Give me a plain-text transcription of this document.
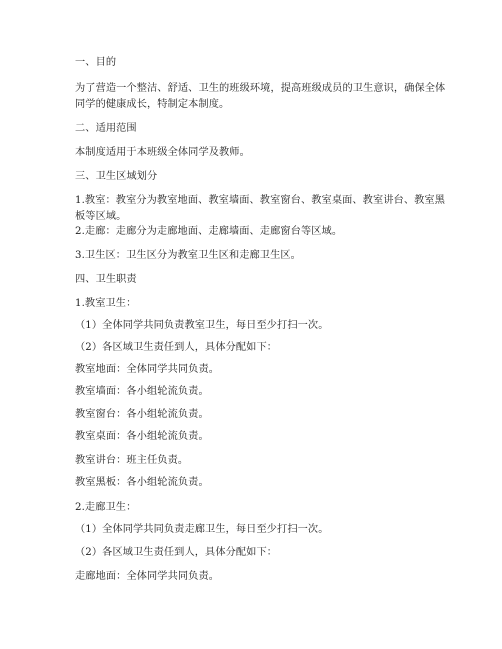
一、目的
为了营造一个整洁、舒适、卫生的班级环境，提高班级成员的卫生意识，确保全体
同学的健康成长，特制定本制度。
二、适用范围
本制度适用于本班级全体同学及教师。
三、卫生区域划分
1.教室：教室分为教室地面、教室墙面、教室窗台、教室桌面、教室讲台、教室黑
板等区域。
2.走廊：走廊分为走廊地面、走廊墙面、走廊窗台等区域。
3.卫生区：卫生区分为教室卫生区和走廊卫生区。
四、卫生职责
1.教室卫生：
（1）全体同学共同负责教室卫生，每日至少打扫一次。
（2）各区域卫生责任到人，具体分配如下：
教室地面：全体同学共同负责。
教室墙面：各小组轮流负责。
教室窗台：各小组轮流负责。
教室桌面：各小组轮流负责。
教室讲台：班主任负责。
教室黑板：各小组轮流负责。
2.走廊卫生：
（1）全体同学共同负责走廊卫生，每日至少打扫一次。
（2）各区域卫生责任到人，具体分配如下：
走廊地面：全体同学共同负责。
